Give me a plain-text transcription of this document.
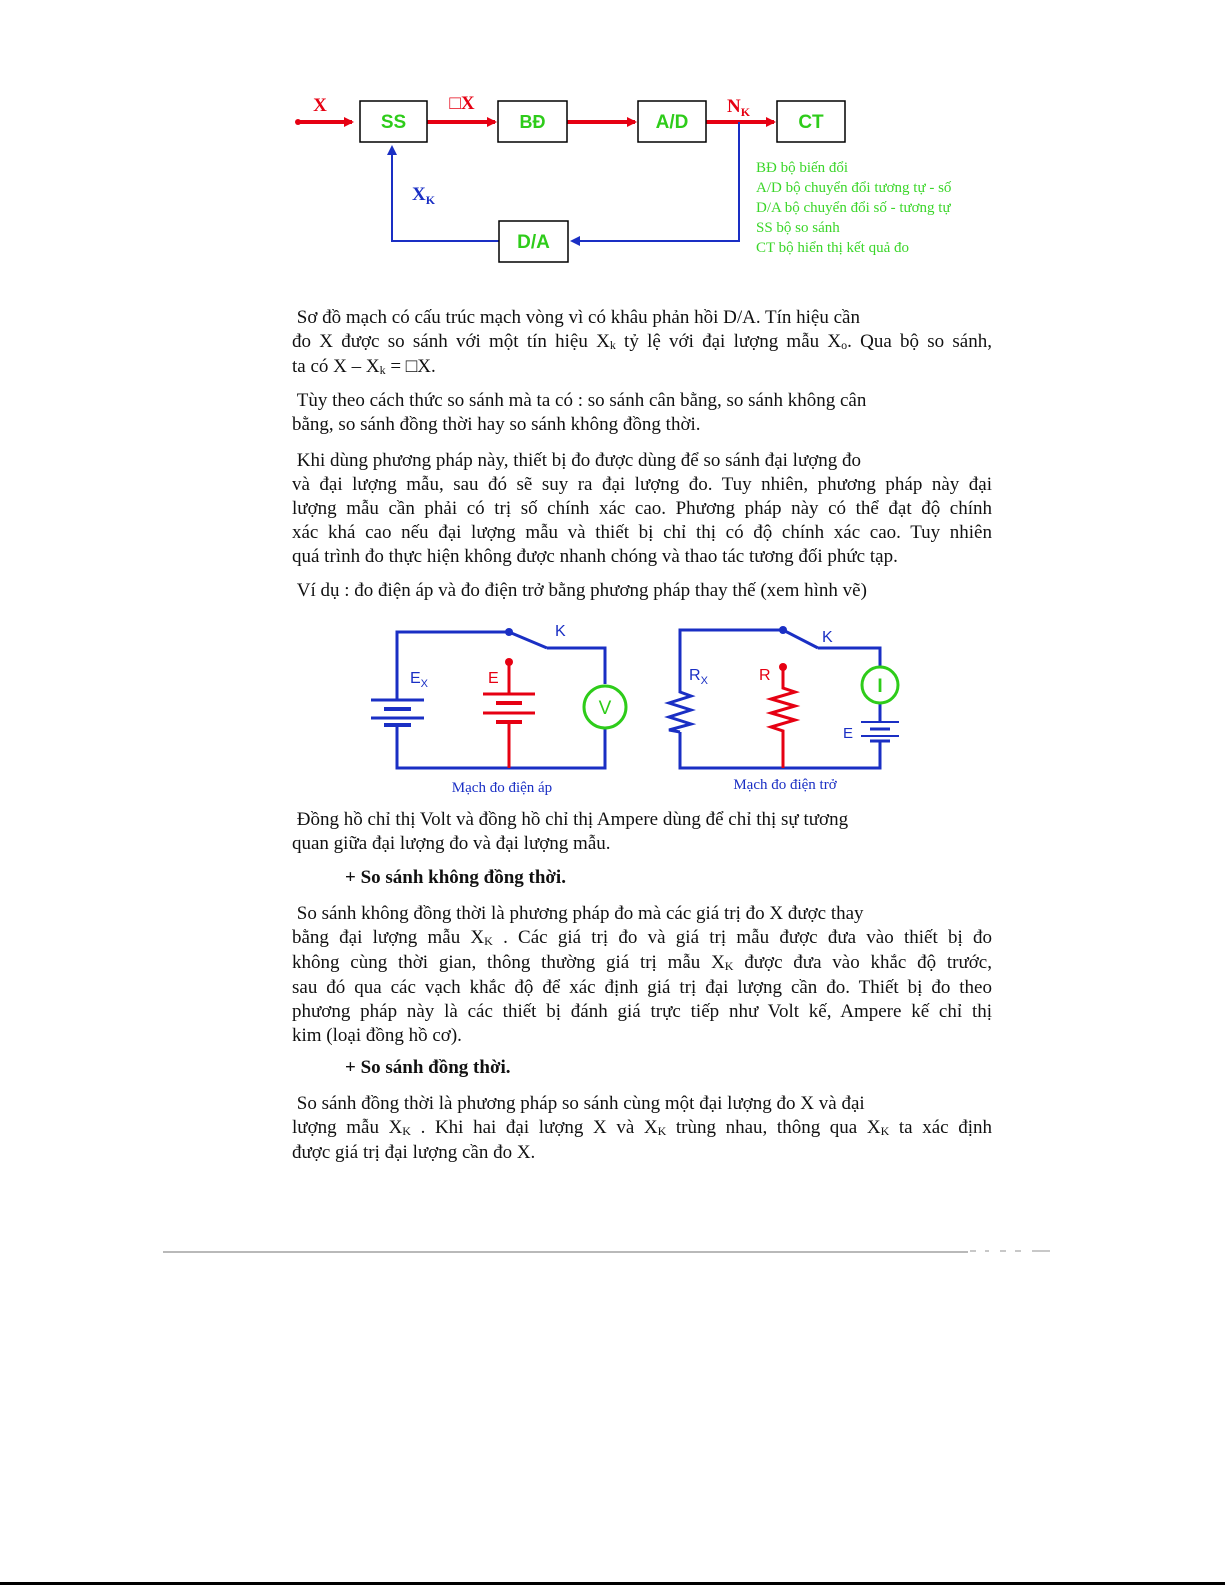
SS	BĐ	A/D	CT
D/A
X	□X	$N_K$
$X_K$
BĐ bộ biến đổi
A/D bộ chuyển đổi tương tự - số
D/A bộ chuyển đổi số - tương tự
SS bộ so sánh
CT bộ hiển thị kết quả đo
Sơ đồ mạch có cấu trúc mạch vòng vì có khâu phản hồi D/A. Tín hiệu cần
đo X được so sánh với một tín hiệu $X_k$ tỷ lệ với đại lượng mẫu $X_o$. Qua bộ so sánh,
ta có X – $X_k$ = □X.
Tùy theo cách thức so sánh mà ta có : so sánh cân bằng, so sánh không cân
bằng, so sánh đồng thời hay so sánh không đồng thời.
Khi dùng phương pháp này, thiết bị đo được dùng để so sánh đại lượng đo
và đại lượng mẫu, sau đó sẽ suy ra đại lượng đo. Tuy nhiên, phương pháp này đại
lượng mẫu cần phải có trị số chính xác cao. Phương pháp này có thể đạt độ chính
xác khá cao nếu đại lượng mẫu và thiết bị chỉ thị có độ chính xác cao. Tuy nhiên
quá trình đo thực hiện không được nhanh chóng và thao tác tương đối phức tạp.
Ví dụ : đo điện áp và đo điện trở bằng phương pháp thay thế (xem hình vẽ)
$E_X$	E
V
K
Mạch đo điện áp
$R_X$	R
I
E
K
Mạch đo điện trở
Đồng hồ chỉ thị Volt và đồng hồ chỉ thị Ampere dùng để chỉ thị sự tương
quan giữa đại lượng đo và đại lượng mẫu.
+ So sánh không đồng thời.
So sánh không đồng thời là phương pháp đo mà các giá trị đo X được thay
bằng đại lượng mẫu $X_K$ . Các giá trị đo và giá trị mẫu được đưa vào thiết bị đo
không cùng thời gian, thông thường giá trị mẫu $X_K$ được đưa vào khắc độ trước,
sau đó qua các vạch khắc độ để xác định giá trị đại lượng cần đo. Thiết bị đo theo
phương pháp này là các thiết bị đánh giá trực tiếp như Volt kế, Ampere kế chỉ thị
kim (loại đồng hồ cơ).
+ So sánh đồng thời.
So sánh đồng thời là phương pháp so sánh cùng một đại lượng đo X và đại
lượng mẫu $X_K$ . Khi hai đại lượng X và $X_K$ trùng nhau, thông qua $X_K$ ta xác định
được giá trị đại lượng cần đo X.
